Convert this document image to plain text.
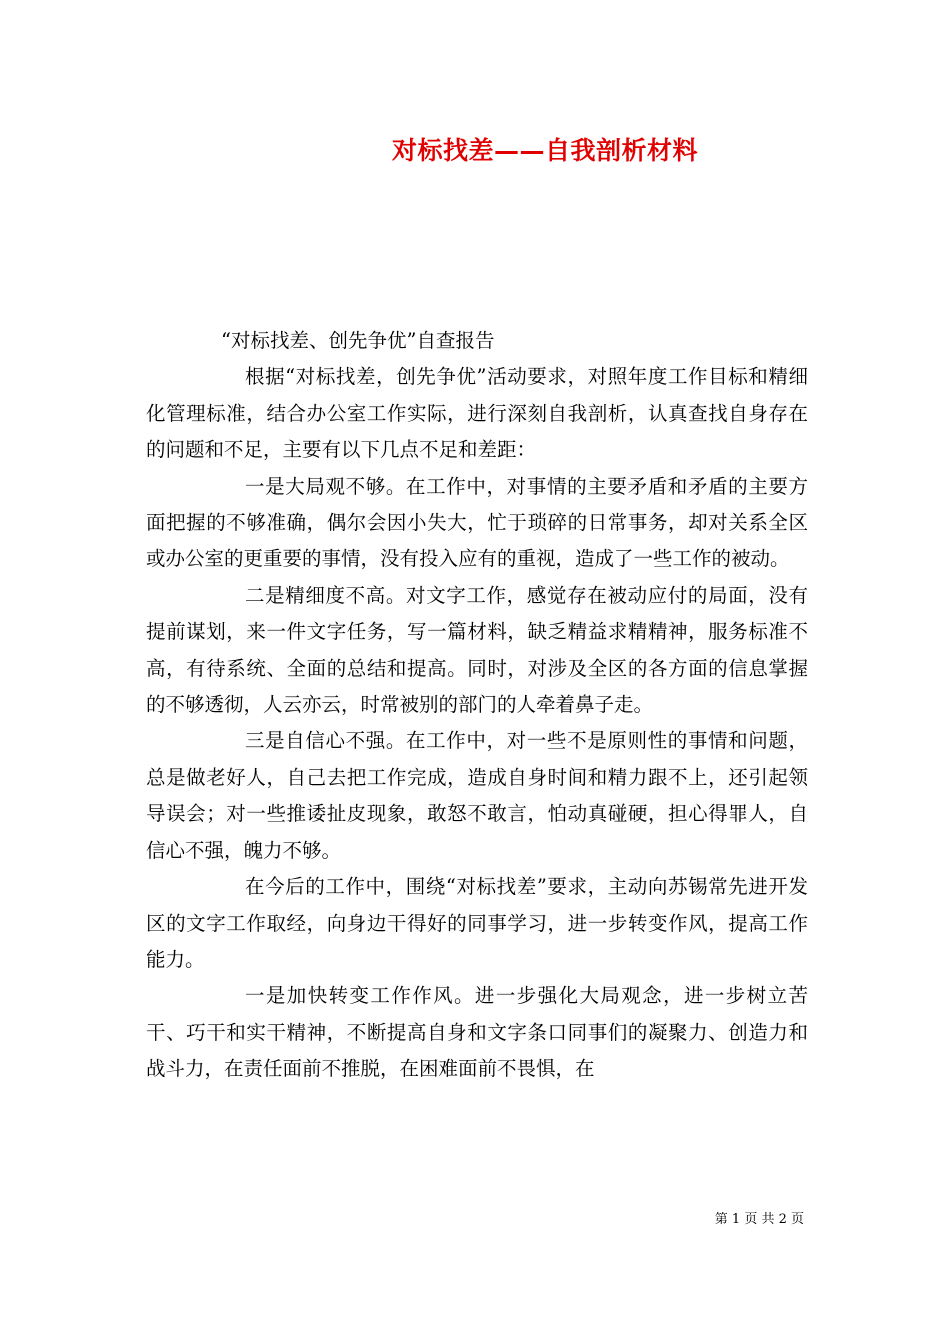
对标找差——自我剖析材料

“对标找差、创先争优”自查报告

根据“对标找差，创先争优”活动要求，对照年度工作目标和精细化管理标准，结合办公室工作实际，进行深刻自我剖析，认真查找自身存在的问题和不足，主要有以下几点不足和差距：

一是大局观不够。在工作中，对事情的主要矛盾和矛盾的主要方面把握的不够准确，偶尔会因小失大，忙于琐碎的日常事务，却对关系全区或办公室的更重要的事情，没有投入应有的重视，造成了一些工作的被动。

二是精细度不高。对文字工作，感觉存在被动应付的局面，没有提前谋划，来一件文字任务，写一篇材料，缺乏精益求精精神，服务标准不高，有待系统、全面的总结和提高。同时，对涉及全区的各方面的信息掌握的不够透彻，人云亦云，时常被别的部门的人牵着鼻子走。

三是自信心不强。在工作中，对一些不是原则性的事情和问题，总是做老好人，自己去把工作完成，造成自身时间和精力跟不上，还引起领导误会；对一些推诿扯皮现象，敢怒不敢言，怕动真碰硬，担心得罪人，自信心不强，魄力不够。

在今后的工作中，围绕“对标找差”要求，主动向苏锡常先进开发区的文字工作取经，向身边干得好的同事学习，进一步转变作风，提高工作能力。

一是加快转变工作作风。进一步强化大局观念，进一步树立苦干、巧干和实干精神，不断提高自身和文字条口同事们的凝聚力、创造力和战斗力，在责任面前不推脱，在困难面前不畏惧，在

第 1 页 共 2 页
